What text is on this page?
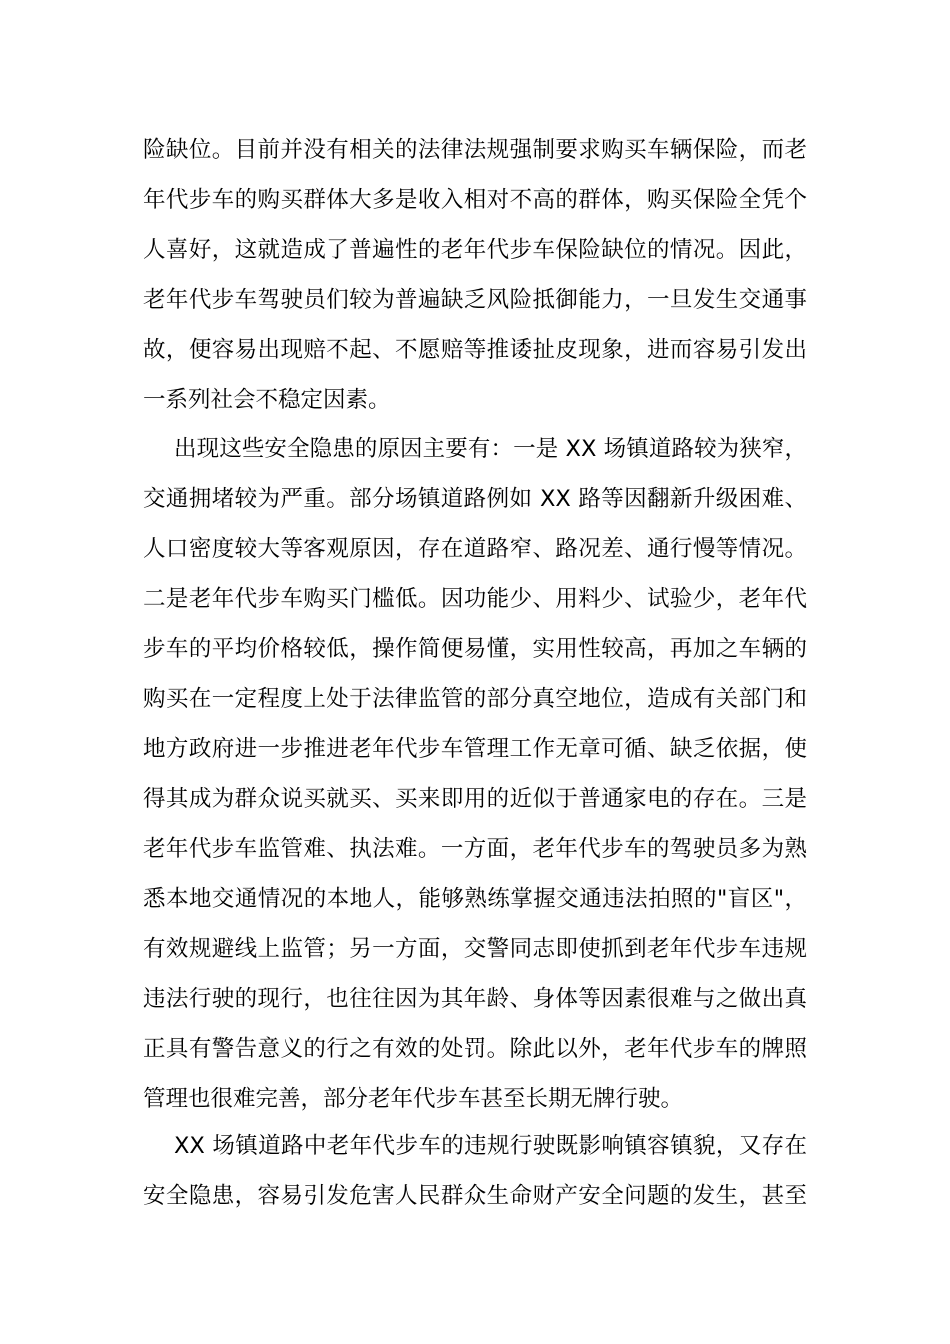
险缺位。目前并没有相关的法律法规强制要求购买车辆保险，而老
年代步车的购买群体大多是收入相对不高的群体，购买保险全凭个
人喜好，这就造成了普遍性的老年代步车保险缺位的情况。因此，
老年代步车驾驶员们较为普遍缺乏风险抵御能力，一旦发生交通事
故，便容易出现赔不起、不愿赔等推诿扯皮现象，进而容易引发出
一系列社会不稳定因素。
出现这些安全隐患的原因主要有：一是 XX 场镇道路较为狭窄，
交通拥堵较为严重。部分场镇道路例如 XX 路等因翻新升级困难、
人口密度较大等客观原因，存在道路窄、路况差、通行慢等情况。
二是老年代步车购买门槛低。因功能少、用料少、试验少，老年代
步车的平均价格较低，操作简便易懂，实用性较高，再加之车辆的
购买在一定程度上处于法律监管的部分真空地位，造成有关部门和
地方政府进一步推进老年代步车管理工作无章可循、缺乏依据，使
得其成为群众说买就买、买来即用的近似于普通家电的存在。三是
老年代步车监管难、执法难。一方面，老年代步车的驾驶员多为熟
悉本地交通情况的本地人，能够熟练掌握交通违法拍照的"盲区"，
有效规避线上监管；另一方面，交警同志即使抓到老年代步车违规
违法行驶的现行，也往往因为其年龄、身体等因素很难与之做出真
正具有警告意义的行之有效的处罚。除此以外，老年代步车的牌照
管理也很难完善，部分老年代步车甚至长期无牌行驶。
XX 场镇道路中老年代步车的违规行驶既影响镇容镇貌，又存在
安全隐患，容易引发危害人民群众生命财产安全问题的发生，甚至
